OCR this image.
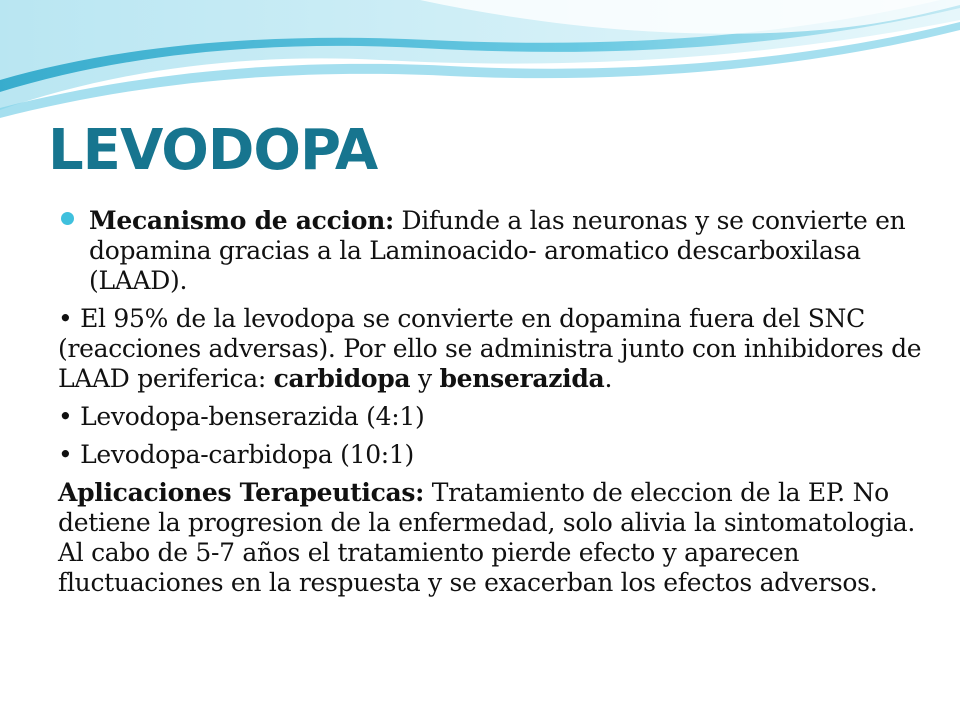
LEVODOPA

Mecanismo de accion: Difunde a las neuronas y se convierte en dopamina gracias a la Laminoacido- aromatico descarboxilasa (LAAD).

• El 95% de la levodopa se convierte en dopamina fuera del SNC (reacciones adversas). Por ello se administra junto con inhibidores de LAAD periferica: carbidopa y benserazida.

• Levodopa-benserazida (4:1)

• Levodopa-carbidopa (10:1)

Aplicaciones Terapeuticas: Tratamiento de eleccion de la EP. No detiene la progresion de la enfermedad, solo alivia la sintomatologia. Al cabo de 5-7 años el tratamiento pierde efecto y aparecen fluctuaciones en la respuesta y se exacerban los efectos adversos.
